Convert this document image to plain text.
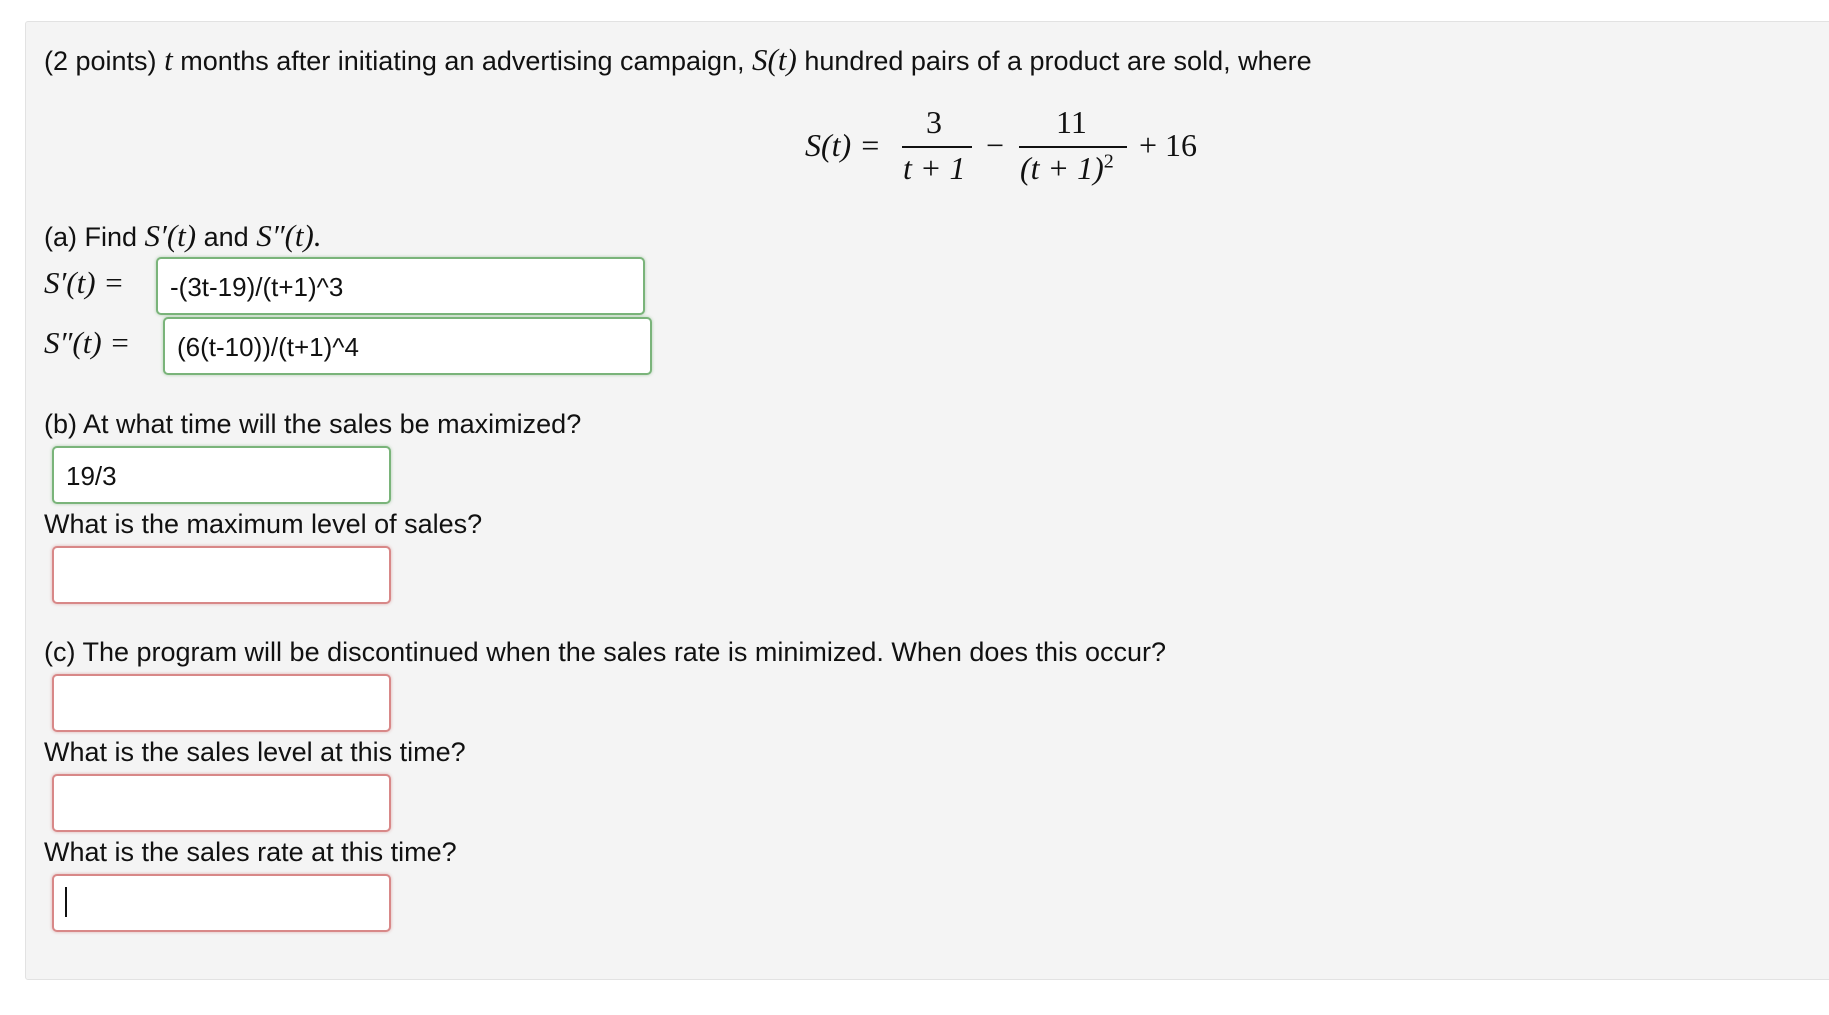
(2 points) t months after initiating an advertising campaign, S(t) hundred pairs of a product are sold, where
S(t) =
3
t + 1
−
11
$(t + 1)^2 + 16$
(a) Find S′(t) and S″(t).
S′(t) =	-(3t-19)/(t+1)^3
S″(t) =	(6(t-10))/(t+1)^4
(b) At what time will the sales be maximized?
19/3
What is the maximum level of sales?
(c) The program will be discontinued when the sales rate is minimized. When does this occur?
What is the sales level at this time?
What is the sales rate at this time?
